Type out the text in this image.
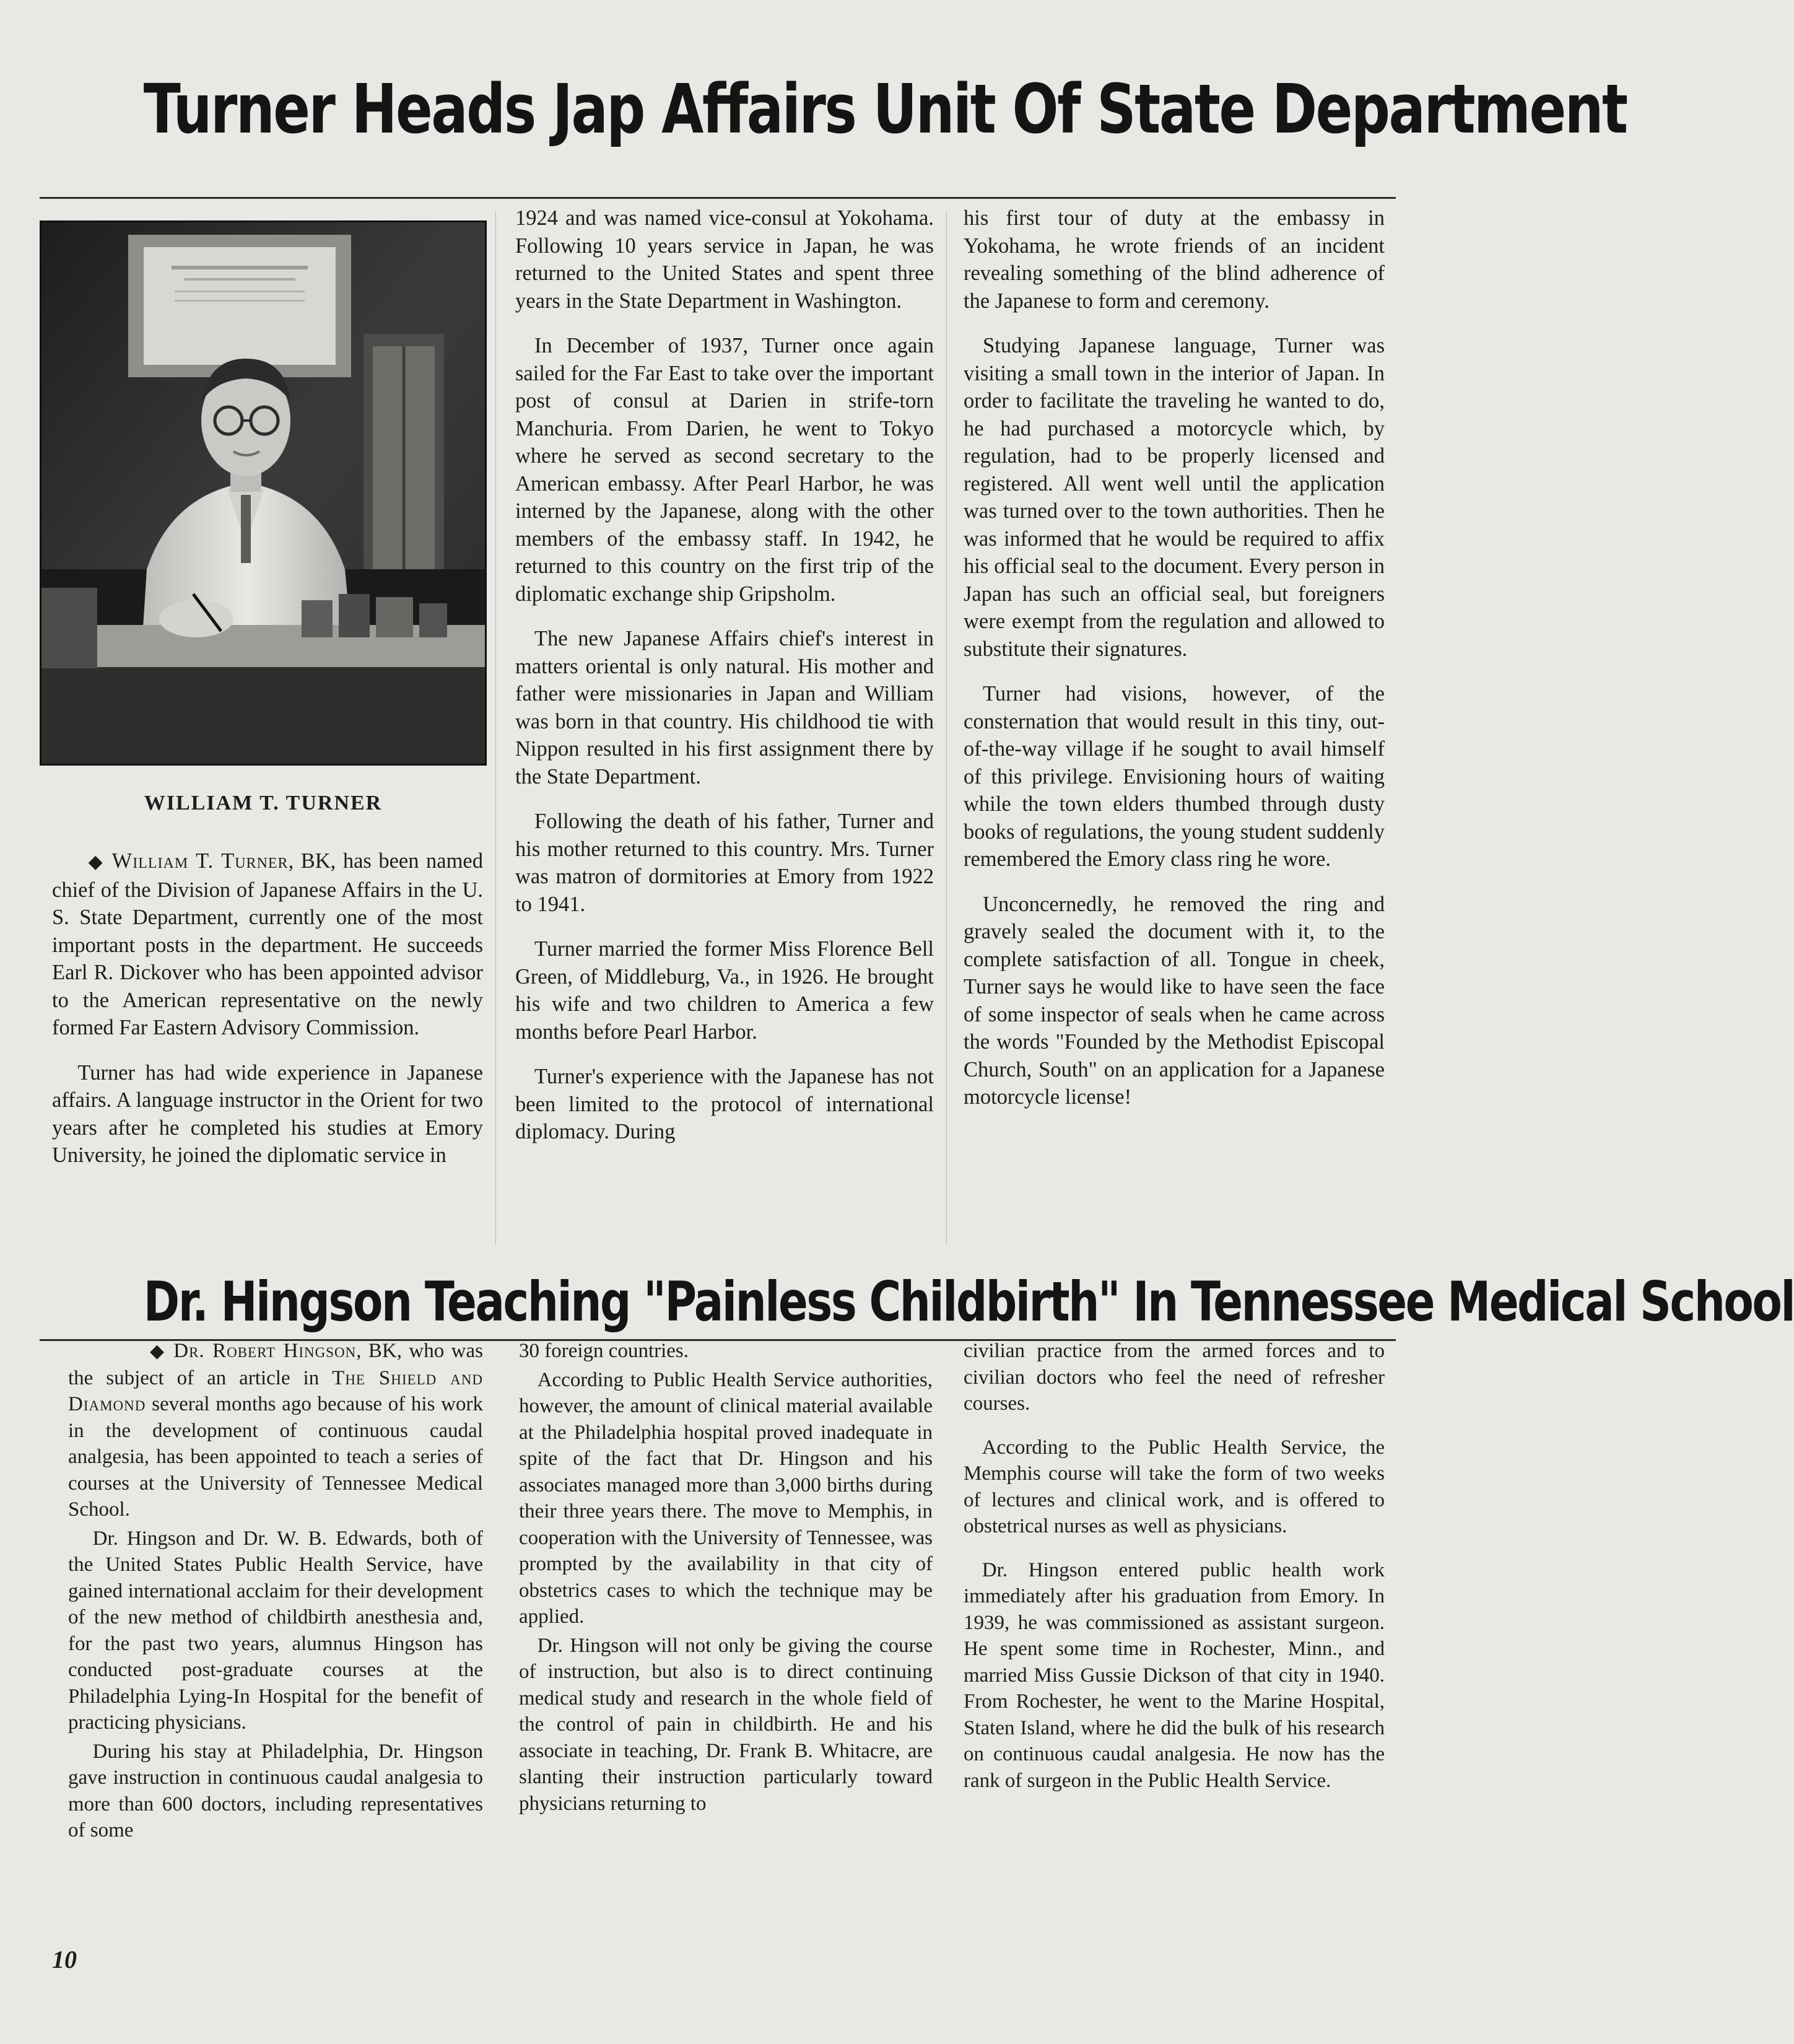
Turner Heads Jap Affairs Unit Of State Department

WILLIAM T. TURNER

◆ William T. Turner, BK, has been named chief of the Division of Japanese Affairs in the U. S. State Department, currently one of the most important posts in the department. He succeeds Earl R. Dickover who has been appointed advisor to the American representative on the newly formed Far Eastern Advisory Commission.

Turner has had wide experience in Japanese affairs. A language instructor in the Orient for two years after he completed his studies at Emory University, he joined the diplomatic service in

1924 and was named vice-consul at Yokohama. Following 10 years service in Japan, he was returned to the United States and spent three years in the State Department in Washington.

In December of 1937, Turner once again sailed for the Far East to take over the important post of consul at Darien in strife-torn Manchuria. From Darien, he went to Tokyo where he served as second secretary to the American embassy. After Pearl Harbor, he was interned by the Japanese, along with the other members of the embassy staff. In 1942, he returned to this country on the first trip of the diplomatic exchange ship Gripsholm.

The new Japanese Affairs chief's interest in matters oriental is only natural. His mother and father were missionaries in Japan and William was born in that country. His childhood tie with Nippon resulted in his first assignment there by the State Department.

Following the death of his father, Turner and his mother returned to this country. Mrs. Turner was matron of dormitories at Emory from 1922 to 1941.

Turner married the former Miss Florence Bell Green, of Middleburg, Va., in 1926. He brought his wife and two children to America a few months before Pearl Harbor.

Turner's experience with the Japanese has not been limited to the protocol of international diplomacy. During

his first tour of duty at the embassy in Yokohama, he wrote friends of an incident revealing something of the blind adherence of the Japanese to form and ceremony.

Studying Japanese language, Turner was visiting a small town in the interior of Japan. In order to facilitate the traveling he wanted to do, he had purchased a motorcycle which, by regulation, had to be properly licensed and registered. All went well until the application was turned over to the town authorities. Then he was informed that he would be required to affix his official seal to the document. Every person in Japan has such an official seal, but foreigners were exempt from the regulation and allowed to substitute their signatures.

Turner had visions, however, of the consternation that would result in this tiny, out-of-the-way village if he sought to avail himself of this privilege. Envisioning hours of waiting while the town elders thumbed through dusty books of regulations, the young student suddenly remembered the Emory class ring he wore.

Unconcernedly, he removed the ring and gravely sealed the document with it, to the complete satisfaction of all. Tongue in cheek, Turner says he would like to have seen the face of some inspector of seals when he came across the words "Founded by the Methodist Episcopal Church, South" on an application for a Japanese motorcycle license!

Dr. Hingson Teaching "Painless Childbirth" In Tennessee Medical School

◆ Dr. Robert Hingson, BK, who was the subject of an article in The Shield and Diamond several months ago because of his work in the development of continuous caudal analgesia, has been appointed to teach a series of courses at the University of Tennessee Medical School.

Dr. Hingson and Dr. W. B. Edwards, both of the United States Public Health Service, have gained international acclaim for their development of the new method of childbirth anesthesia and, for the past two years, alumnus Hingson has conducted post-graduate courses at the Philadelphia Lying-In Hospital for the benefit of practicing physicians.

During his stay at Philadelphia, Dr. Hingson gave instruction in continuous caudal analgesia to more than 600 doctors, including representatives of some

30 foreign countries.

According to Public Health Service authorities, however, the amount of clinical material available at the Philadelphia hospital proved inadequate in spite of the fact that Dr. Hingson and his associates managed more than 3,000 births during their three years there. The move to Memphis, in cooperation with the University of Tennessee, was prompted by the availability in that city of obstetrics cases to which the technique may be applied.

Dr. Hingson will not only be giving the course of instruction, but also is to direct continuing medical study and research in the whole field of the control of pain in childbirth. He and his associate in teaching, Dr. Frank B. Whitacre, are slanting their instruction particularly toward physicians returning to

civilian practice from the armed forces and to civilian doctors who feel the need of refresher courses.

According to the Public Health Service, the Memphis course will take the form of two weeks of lectures and clinical work, and is offered to obstetrical nurses as well as physicians.

Dr. Hingson entered public health work immediately after his graduation from Emory. In 1939, he was commissioned as assistant surgeon. He spent some time in Rochester, Minn., and married Miss Gussie Dickson of that city in 1940. From Rochester, he went to the Marine Hospital, Staten Island, where he did the bulk of his research on continuous caudal analgesia. He now has the rank of surgeon in the Public Health Service.

10
